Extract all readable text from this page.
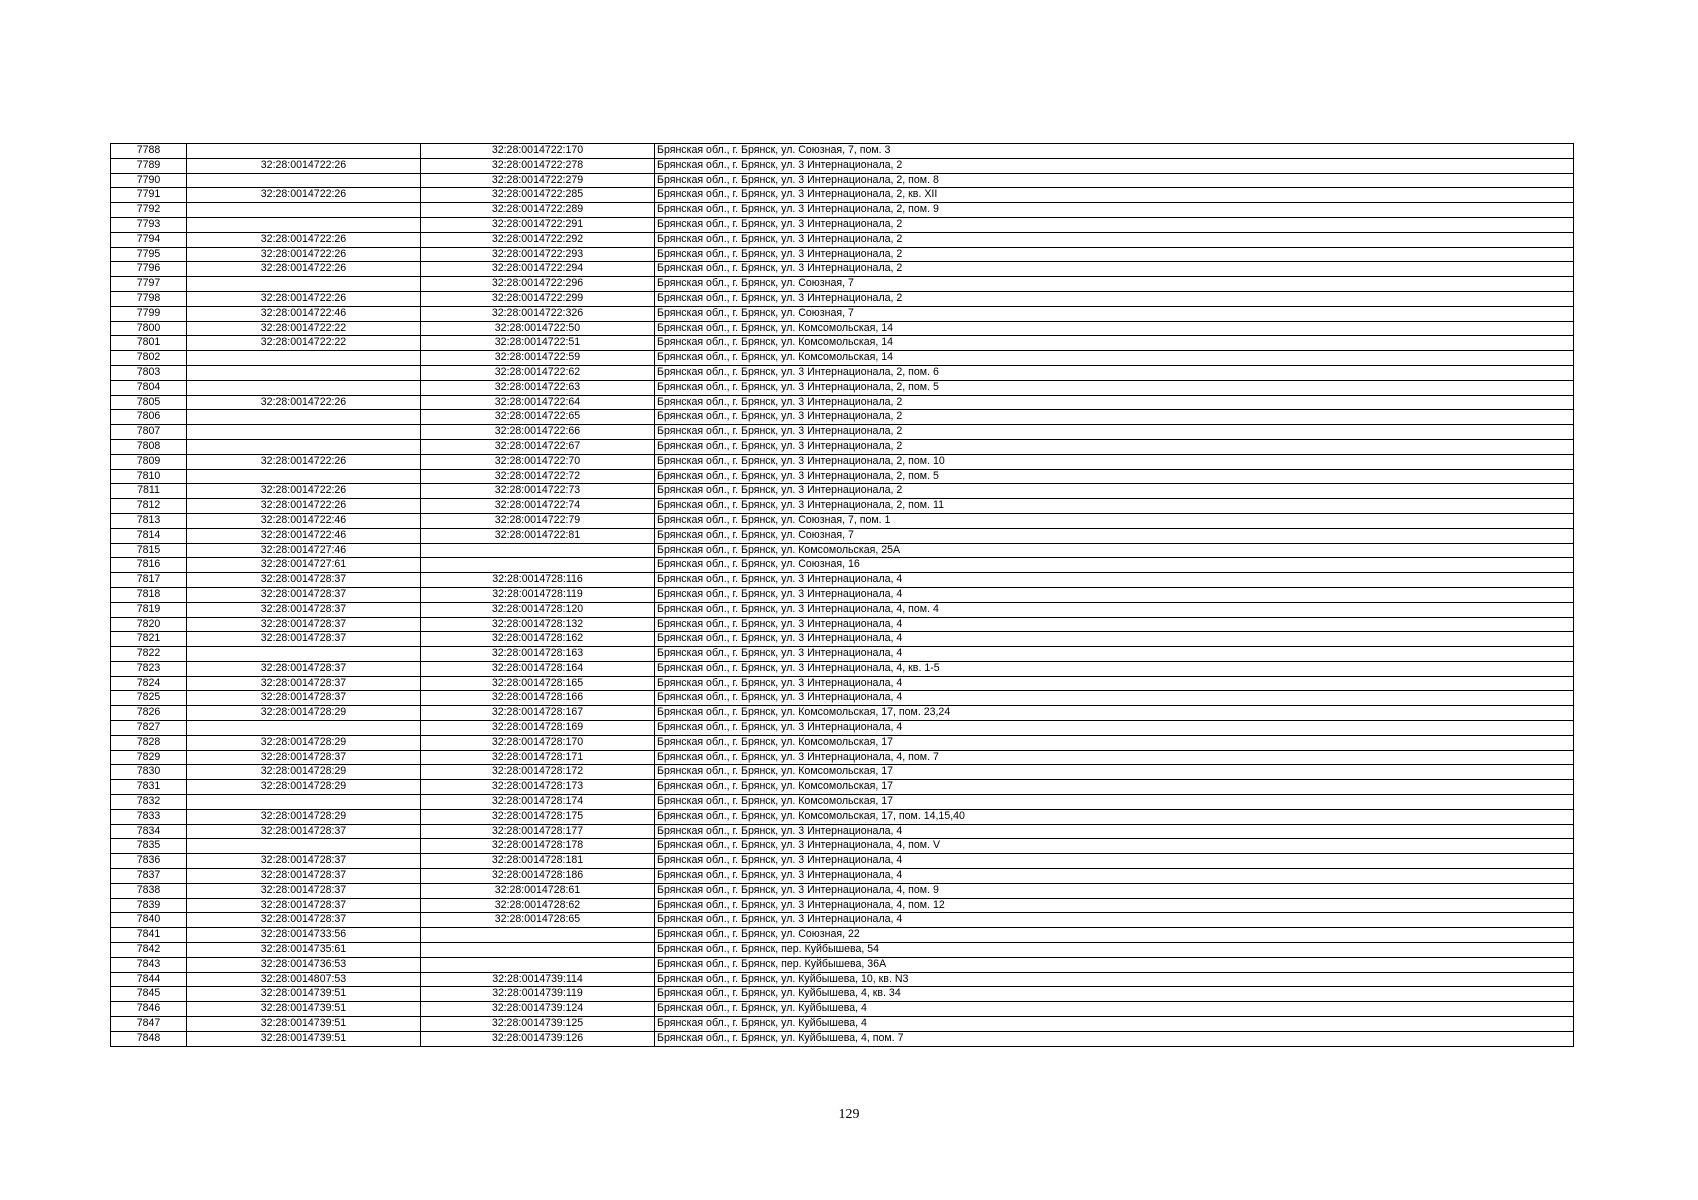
7788		32:28:0014722:170	Брянская обл., г. Брянск, ул. Союзная, 7, пом. 3
7789	32:28:0014722:26	32:28:0014722:278	Брянская обл., г. Брянск, ул. 3 Интернационала, 2
7790		32:28:0014722:279	Брянская обл., г. Брянск, ул. 3 Интернационала, 2, пом. 8
7791	32:28:0014722:26	32:28:0014722:285	Брянская обл., г. Брянск, ул. 3 Интернационала, 2, кв. XII
7792		32:28:0014722:289	Брянская обл., г. Брянск, ул. 3 Интернационала, 2, пом. 9
7793		32:28:0014722:291	Брянская обл., г. Брянск, ул. 3 Интернационала, 2
7794	32:28:0014722:26	32:28:0014722:292	Брянская обл., г. Брянск, ул. 3 Интернационала, 2
7795	32:28:0014722:26	32:28:0014722:293	Брянская обл., г. Брянск, ул. 3 Интернационала, 2
7796	32:28:0014722:26	32:28:0014722:294	Брянская обл., г. Брянск, ул. 3 Интернационала, 2
7797		32:28:0014722:296	Брянская обл., г. Брянск, ул. Союзная, 7
7798	32:28:0014722:26	32:28:0014722:299	Брянская обл., г. Брянск, ул. 3 Интернационала, 2
7799	32:28:0014722:46	32:28:0014722:326	Брянская обл., г. Брянск, ул. Союзная, 7
7800	32:28:0014722:22	32:28:0014722:50	Брянская обл., г. Брянск, ул. Комсомольская, 14
7801	32:28:0014722:22	32:28:0014722:51	Брянская обл., г. Брянск, ул. Комсомольская, 14
7802		32:28:0014722:59	Брянская обл., г. Брянск, ул. Комсомольская, 14
7803		32:28:0014722:62	Брянская обл., г. Брянск, ул. 3 Интернационала, 2, пом. 6
7804		32:28:0014722:63	Брянская обл., г. Брянск, ул. 3 Интернационала, 2, пом. 5
7805	32:28:0014722:26	32:28:0014722:64	Брянская обл., г. Брянск, ул. 3 Интернационала, 2
7806		32:28:0014722:65	Брянская обл., г. Брянск, ул. 3 Интернационала, 2
7807		32:28:0014722:66	Брянская обл., г. Брянск, ул. 3 Интернационала, 2
7808		32:28:0014722:67	Брянская обл., г. Брянск, ул. 3 Интернационала, 2
7809	32:28:0014722:26	32:28:0014722:70	Брянская обл., г. Брянск, ул. 3 Интернационала, 2, пом. 10
7810		32:28:0014722:72	Брянская обл., г. Брянск, ул. 3 Интернационала, 2, пом. 5
7811	32:28:0014722:26	32:28:0014722:73	Брянская обл., г. Брянск, ул. 3 Интернационала, 2
7812	32:28:0014722:26	32:28:0014722:74	Брянская обл., г. Брянск, ул. 3 Интернационала, 2, пом. 11
7813	32:28:0014722:46	32:28:0014722:79	Брянская обл., г. Брянск, ул. Союзная, 7, пом. 1
7814	32:28:0014722:46	32:28:0014722:81	Брянская обл., г. Брянск, ул. Союзная, 7
7815	32:28:0014727:46		Брянская обл., г. Брянск, ул. Комсомольская, 25А
7816	32:28:0014727:61		Брянская обл., г. Брянск, ул. Союзная, 16
7817	32:28:0014728:37	32:28:0014728:116	Брянская обл., г. Брянск, ул. 3 Интернационала, 4
7818	32:28:0014728:37	32:28:0014728:119	Брянская обл., г. Брянск, ул. 3 Интернационала, 4
7819	32:28:0014728:37	32:28:0014728:120	Брянская обл., г. Брянск, ул. 3 Интернационала, 4, пом. 4
7820	32:28:0014728:37	32:28:0014728:132	Брянская обл., г. Брянск, ул. 3 Интернационала, 4
7821	32:28:0014728:37	32:28:0014728:162	Брянская обл., г. Брянск, ул. 3 Интернационала, 4
7822		32:28:0014728:163	Брянская обл., г. Брянск, ул. 3 Интернационала, 4
7823	32:28:0014728:37	32:28:0014728:164	Брянская обл., г. Брянск, ул. 3 Интернационала, 4, кв. 1-5
7824	32:28:0014728:37	32:28:0014728:165	Брянская обл., г. Брянск, ул. 3 Интернационала, 4
7825	32:28:0014728:37	32:28:0014728:166	Брянская обл., г. Брянск, ул. 3 Интернационала, 4
7826	32:28:0014728:29	32:28:0014728:167	Брянская обл., г. Брянск, ул. Комсомольская, 17, пом. 23,24
7827		32:28:0014728:169	Брянская обл., г. Брянск, ул. 3 Интернационала, 4
7828	32:28:0014728:29	32:28:0014728:170	Брянская обл., г. Брянск, ул. Комсомольская, 17
7829	32:28:0014728:37	32:28:0014728:171	Брянская обл., г. Брянск, ул. 3 Интернационала, 4, пом. 7
7830	32:28:0014728:29	32:28:0014728:172	Брянская обл., г. Брянск, ул. Комсомольская, 17
7831	32:28:0014728:29	32:28:0014728:173	Брянская обл., г. Брянск, ул. Комсомольская, 17
7832		32:28:0014728:174	Брянская обл., г. Брянск, ул. Комсомольская, 17
7833	32:28:0014728:29	32:28:0014728:175	Брянская обл., г. Брянск, ул. Комсомольская, 17, пом. 14,15,40
7834	32:28:0014728:37	32:28:0014728:177	Брянская обл., г. Брянск, ул. 3 Интернационала, 4
7835		32:28:0014728:178	Брянская обл., г. Брянск, ул. 3 Интернационала, 4, пом. V
7836	32:28:0014728:37	32:28:0014728:181	Брянская обл., г. Брянск, ул. 3 Интернационала, 4
7837	32:28:0014728:37	32:28:0014728:186	Брянская обл., г. Брянск, ул. 3 Интернационала, 4
7838	32:28:0014728:37	32:28:0014728:61	Брянская обл., г. Брянск, ул. 3 Интернационала, 4, пом. 9
7839	32:28:0014728:37	32:28:0014728:62	Брянская обл., г. Брянск, ул. 3 Интернационала, 4, пом. 12
7840	32:28:0014728:37	32:28:0014728:65	Брянская обл., г. Брянск, ул. 3 Интернационала, 4
7841	32:28:0014733:56		Брянская обл., г. Брянск, ул. Союзная, 22
7842	32:28:0014735:61		Брянская обл., г. Брянск, пер. Куйбышева, 54
7843	32:28:0014736:53		Брянская обл., г. Брянск, пер. Куйбышева, 36А
7844	32:28:0014807:53	32:28:0014739:114	Брянская обл., г. Брянск, ул. Куйбышева, 10, кв. N3
7845	32:28:0014739:51	32:28:0014739:119	Брянская обл., г. Брянск, ул. Куйбышева, 4, кв. 34
7846	32:28:0014739:51	32:28:0014739:124	Брянская обл., г. Брянск, ул. Куйбышева, 4
7847	32:28:0014739:51	32:28:0014739:125	Брянская обл., г. Брянск, ул. Куйбышева, 4
7848	32:28:0014739:51	32:28:0014739:126	Брянская обл., г. Брянск, ул. Куйбышева, 4, пом. 7
129
